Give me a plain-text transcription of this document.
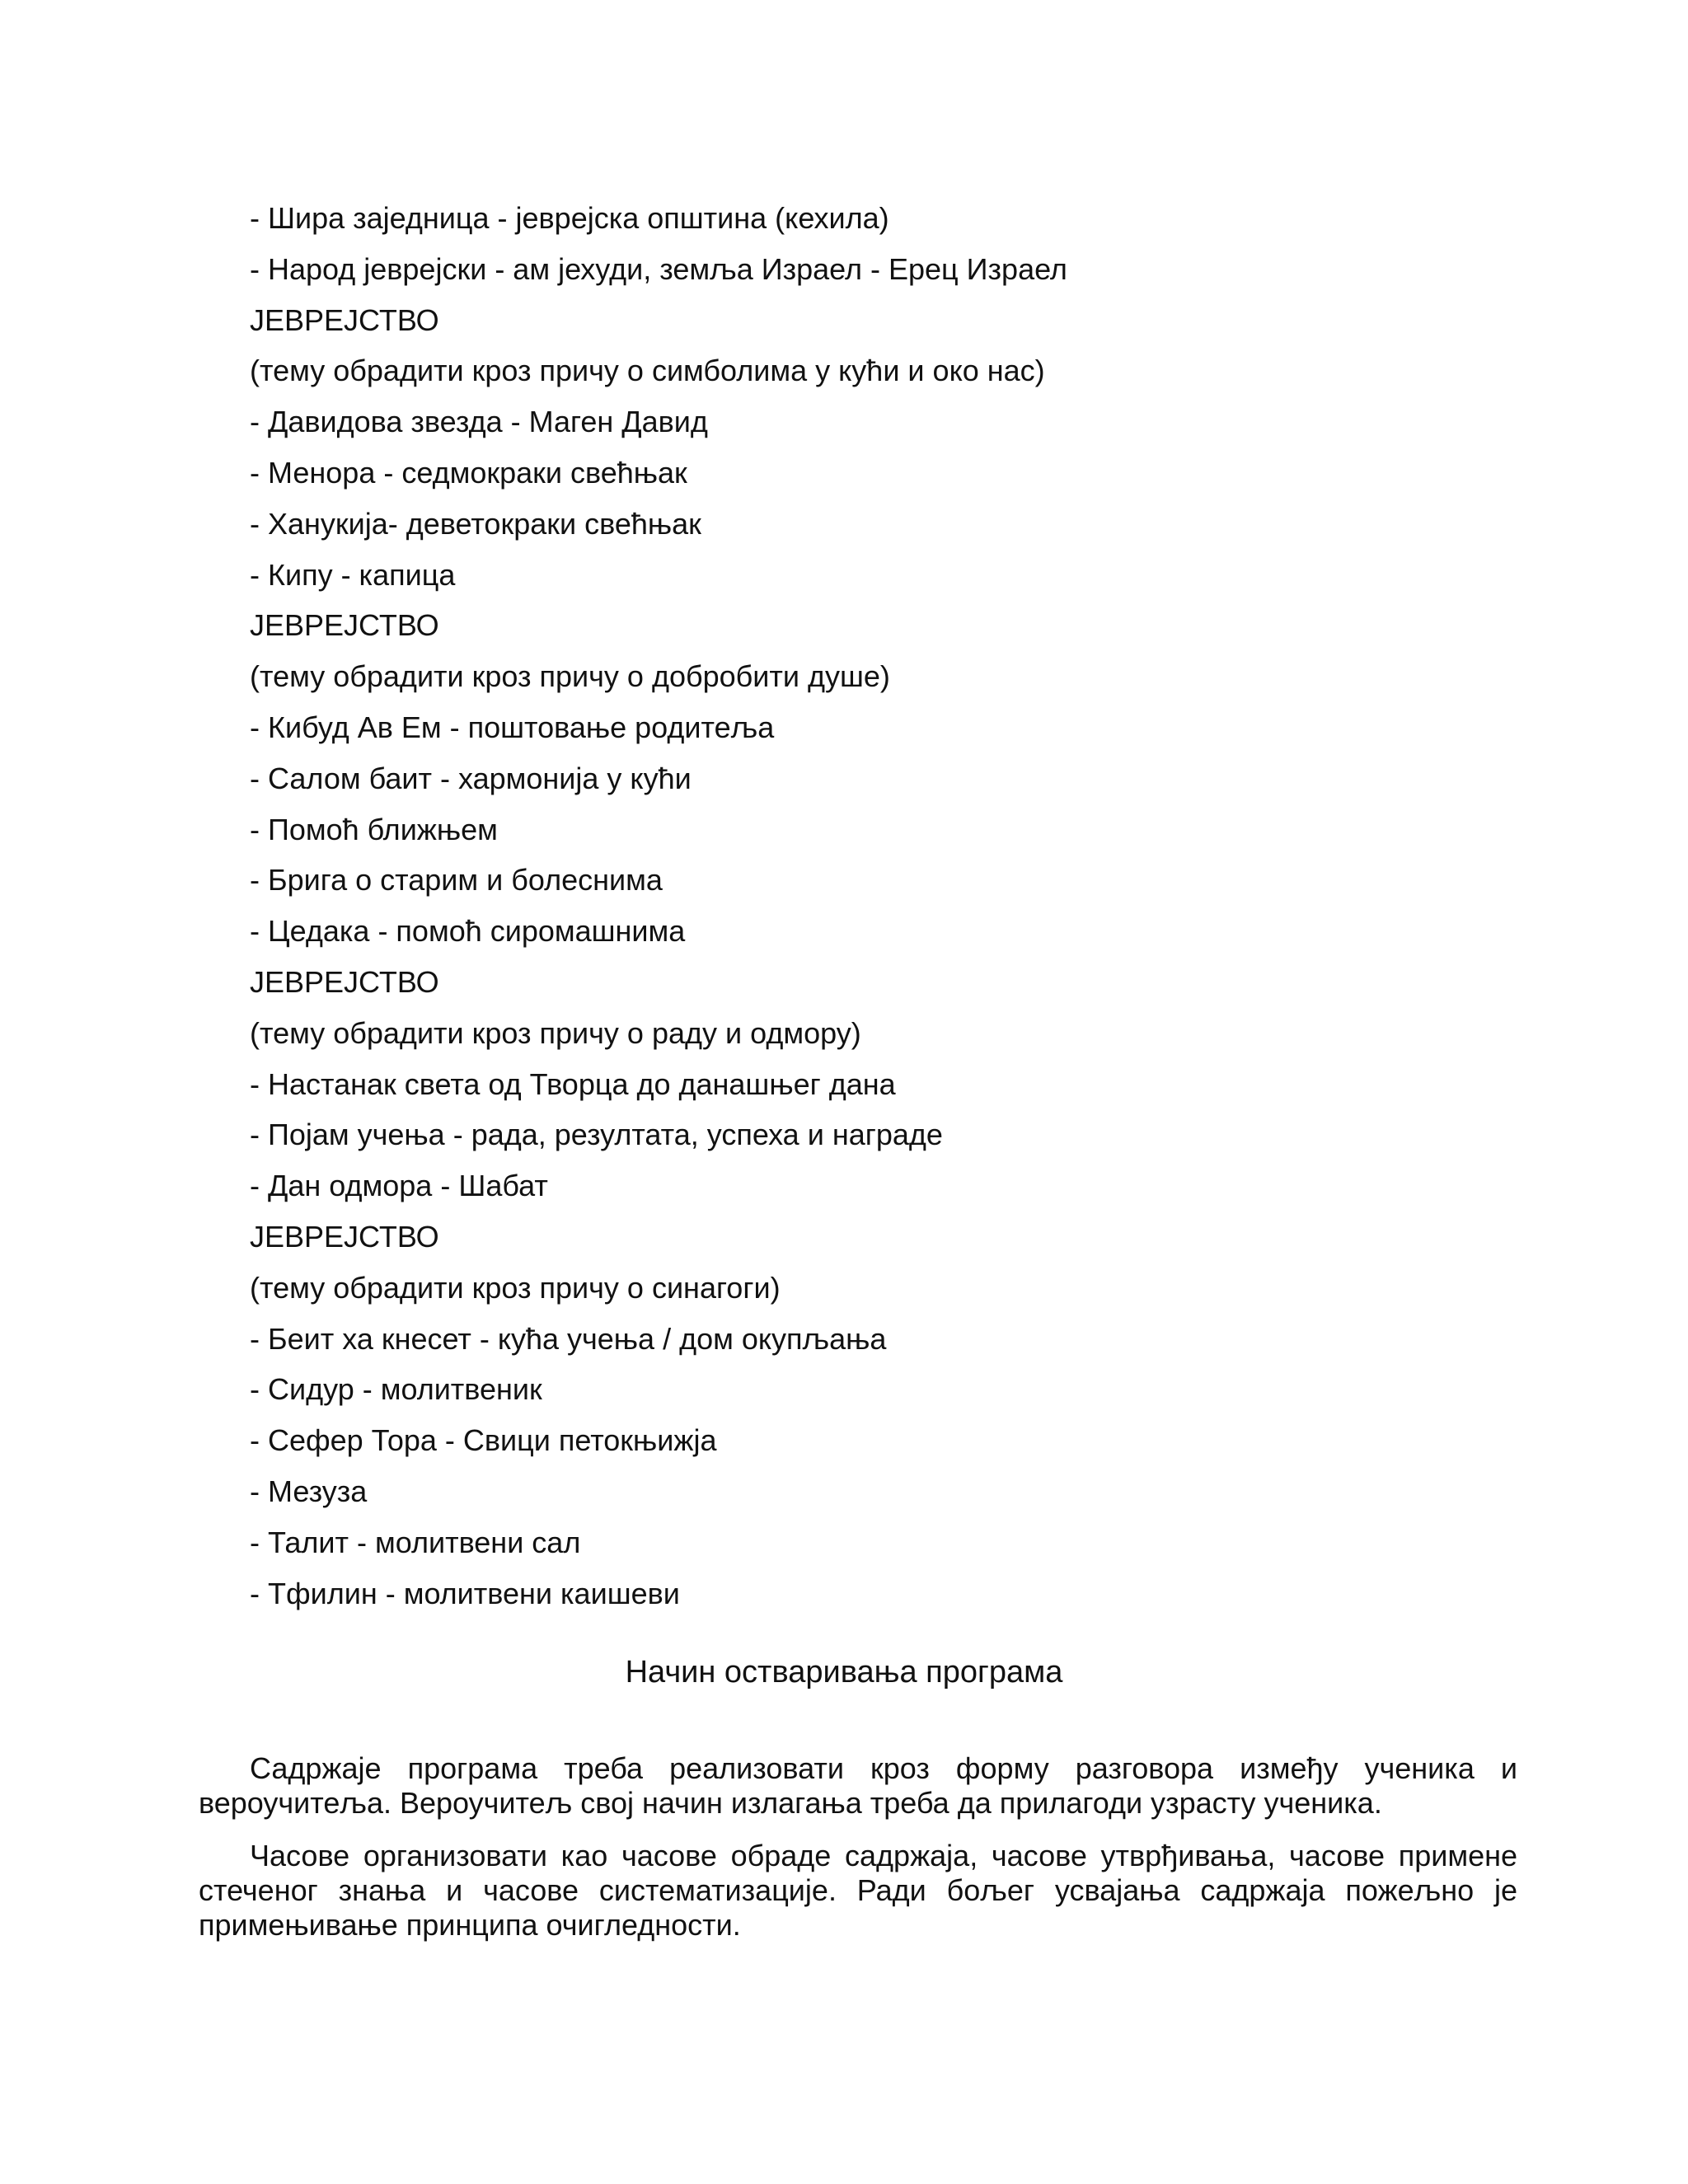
- Шира заједница - јеврејска општина (кехила)
- Народ јеврејски - ам јехуди, земља Израел - Ерец Израел
ЈЕВРЕЈСТВО
(тему обрадити кроз причу о симболима у кући и око нас)
- Давидова звезда - Маген Давид
- Менора - седмокраки свећњак
- Ханукија- деветокраки свећњак
- Кипу - капица
ЈЕВРЕЈСТВО
(тему обрадити кроз причу о добробити душе)
- Кибуд Ав Ем - поштовање родитеља
- Салом баит - хармонија у кући
- Помоћ ближњем
- Брига о старим и болеснима
- Цедака - помоћ сиромашнима
ЈЕВРЕЈСТВО
(тему обрадити кроз причу о раду и одмору)
- Настанак света од Творца до данашњег дана
- Појам учења - рада, резултата, успеха и награде
- Дан одмора - Шабат
ЈЕВРЕЈСТВО
(тему обрадити кроз причу о синагоги)
- Беит ха кнесет - кућа учења / дом окупљања
- Сидур - молитвеник
- Сефер Тора - Свици петокњижја
- Мезуза
- Талит - молитвени сал
- Тфилин - молитвени каишеви
Начин остваривања програма

Садржаје програма треба реализовати кроз форму разговора између ученика и
вероучитеља. Вероучитељ свој начин излагања треба да прилагоди узрасту ученика.

Часове организовати као часове обраде садржаја, часове утврђивања, часове примене
стеченог знања и часове систематизације. Ради бољег усвајања садржаја пожељно је
примењивање принципа очигледности.
